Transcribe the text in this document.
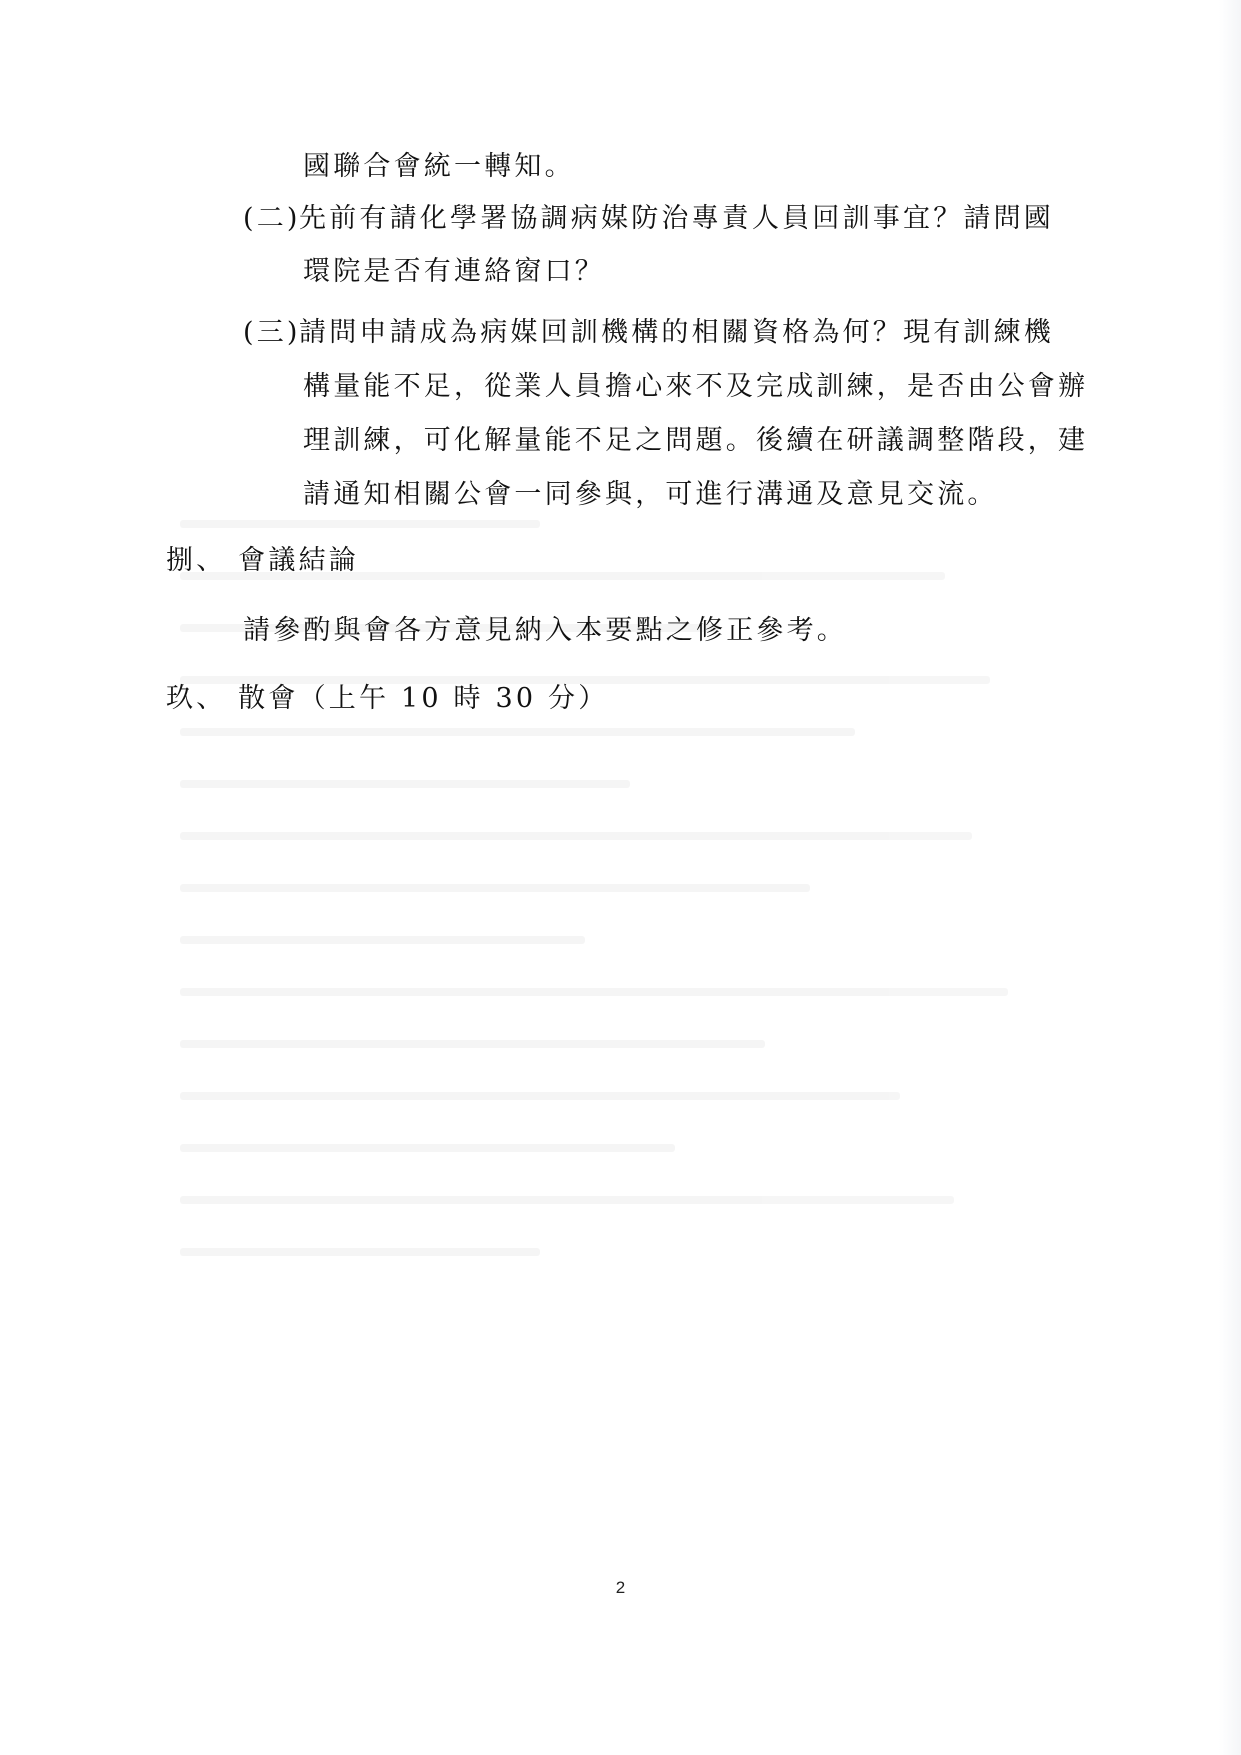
國聯合會統一轉知。
(二)先前有請化學署協調病媒防治專責人員回訓事宜？請問國
環院是否有連絡窗口？
(三)請問申請成為病媒回訓機構的相關資格為何？現有訓練機
構量能不足，從業人員擔心來不及完成訓練，是否由公會辦
理訓練，可化解量能不足之問題。後續在研議調整階段，建
請通知相關公會一同參與，可進行溝通及意見交流。
捌、 會議結論
請參酌與會各方意見納入本要點之修正參考。
玖、 散會（上午 10 時 30 分）
2
